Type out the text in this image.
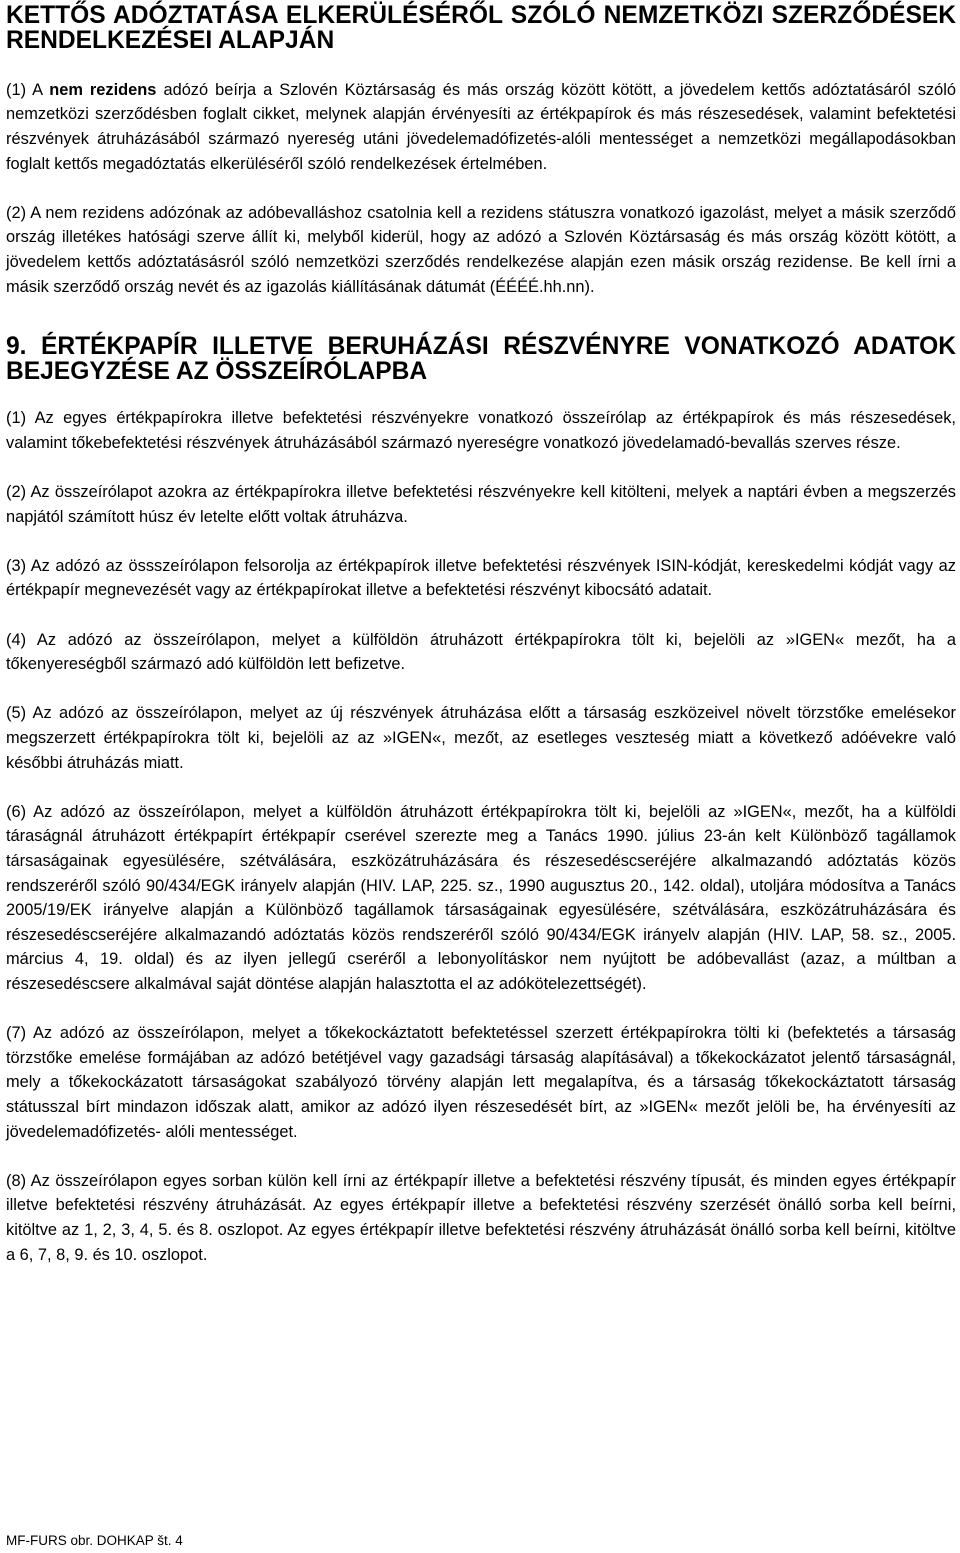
KETTŐS ADÓZTATÁSA ELKERÜLÉSÉRŐL SZÓLÓ NEMZETKÖZI SZERZŐDÉSEK
RENDELKEZÉSEI ALAPJÁN

(1) A nem rezidens adózó beírja a Szlovén Köztársaság és más ország között kötött, a jövedelem kettős adóztatásáról szóló nemzetközi szerződésben foglalt cikket, melynek alapján érvényesíti az értékpapírok és más részesedések, valamint befektetési részvények átruházásából származó nyereség utáni jövedelemadófizetés-alóli mentességet a nemzetközi megállapodásokban foglalt kettős megadóztatás elkerüléséről szóló rendelkezések értelmében.

(2) A nem rezidens adózónak az adóbevalláshoz csatolnia kell a rezidens státuszra vonatkozó igazolást, melyet a másik szerződő ország illetékes hatósági szerve állít ki, melyből kiderül, hogy az adózó a Szlovén Köztársaság és más ország között kötött, a jövedelem kettős adóztatásásról szóló nemzetközi szerződés rendelkezése alapján ezen másik ország rezidense. Be kell írni a másik szerződő ország nevét és az igazolás kiállításának dátumát (ÉÉÉÉ.hh.nn).

9. ÉRTÉKPAPÍR ILLETVE BERUHÁZÁSI RÉSZVÉNYRE VONATKOZÓ ADATOK BEJEGYZÉSE AZ ÖSSZEÍRÓLAPBA

(1) Az egyes értékpapírokra illetve befektetési részvényekre vonatkozó összeírólap az értékpapírok és más részesedések, valamint tőkebefektetési részvények átruházásából származó nyereségre vonatkozó jövedelamadó-bevallás szerves része.

(2) Az összeírólapot azokra az értékpapírokra illetve befektetési részvényekre kell kitölteni, melyek a naptári évben a megszerzés napjától számított húsz év letelte előtt voltak átruházva.

(3) Az adózó az össszeírólapon felsorolja az értékpapírok illetve befektetési részvények ISIN-kódját, kereskedelmi kódját vagy az értékpapír megnevezését vagy az értékpapírokat illetve a befektetési részvényt kibocsátó adatait.

(4) Az adózó az összeírólapon, melyet a külföldön átruházott értékpapírokra tölt ki, bejelöli az »IGEN« mezőt, ha a tőkenyereségből származó adó külföldön lett befizetve.

(5) Az adózó az összeírólapon, melyet az új részvények átruházása előtt a társaság eszközeivel növelt törzstőke emelésekor megszerzett értékpapírokra tölt ki, bejelöli az az »IGEN«, mezőt, az esetleges veszteség miatt a következő adóévekre való későbbi átruházás miatt.

(6) Az adózó az összeírólapon, melyet a külföldön átruházott értékpapírokra tölt ki, bejelöli az »IGEN«, mezőt, ha a külföldi táraságnál átruházott értékpapírt értékpapír cserével szerezte meg a Tanács 1990. július 23-án kelt Különböző tagállamok társaságainak egyesülésére, szétválására, eszközátruházására és részesedéscseréjére alkalmazandó adóztatás közös rendszeréről szóló 90/434/EGK irányelv alapján (HIV. LAP, 225. sz., 1990 augusztus 20., 142. oldal), utoljára módosítva a Tanács 2005/19/EK irányelve alapján a Különböző tagállamok társaságainak egyesülésére, szétválására, eszközátruházására és részesedéscseréjére alkalmazandó adóztatás közös rendszeréről szóló 90/434/EGK irányelv alapján (HIV. LAP, 58. sz., 2005. március 4, 19. oldal) és az ilyen jellegű cseréről a lebonyolításkor nem nyújtott be adóbevallást (azaz, a múltban a részesedéscsere alkalmával saját döntése alapján halasztotta el az adókötelezettségét).

(7) Az adózó az összeírólapon, melyet a tőkekockáztatott befektetéssel szerzett értékpapírokra tölti ki (befektetés a társaság törzstőke emelése formájában az adózó betétjével vagy gazadsági társaság alapításával) a tőkekockázatot jelentő társaságnál, mely a tőkekockázatott társaságokat szabályozó törvény alapján lett megalapítva, és a társaság tőkekockáztatott társaság státusszal bírt mindazon időszak alatt, amikor az adózó ilyen részesedését bírt, az »IGEN« mezőt jelöli be, ha érvényesíti az jövedelemadófizetés- alóli mentességet.

(8) Az összeírólapon egyes sorban külön kell írni az értékpapír illetve a befektetési részvény típusát, és minden egyes értékpapír illetve befektetési részvény átruházását. Az egyes értékpapír illetve a befektetési részvény szerzését önálló sorba kell beírni, kitöltve az 1, 2, 3, 4, 5. és 8. oszlopot. Az egyes értékpapír illetve befektetési részvény átruházását önálló sorba kell beírni, kitöltve a 6, 7, 8, 9. és 10. oszlopot.

MF-FURS obr. DOHKAP št. 4
